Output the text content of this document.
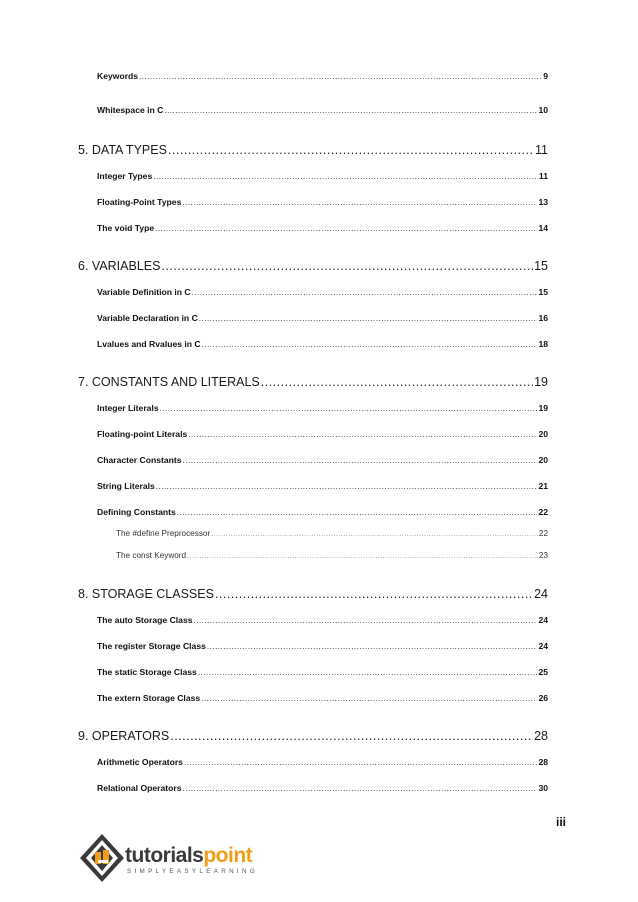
Keywords .....	9
Whitespace in C .....	10
5. DATA TYPES .....	11
Integer Types .....	11
Floating-Point Types .....	13
The void Type .....	14
6. VARIABLES .....	15
Variable Definition in C .....	15
Variable Declaration in C .....	16
Lvalues and Rvalues in C .....	18
7. CONSTANTS AND LITERALS .....	19
Integer Literals .....	19
Floating-point Literals .....	20
Character Constants .....	20
String Literals .....	21
Defining Constants .....	22
The #define Preprocessor .....	22
The const Keyword .....	23
8. STORAGE CLASSES .....	24
The auto Storage Class .....	24
The register Storage Class .....	24
The static Storage Class .....	25
The extern Storage Class .....	26
9. OPERATORS .....	28
Arithmetic Operators .....	28
Relational Operators .....	30
iii
tutorialspoint
SIMPLYEASYLEARNING
